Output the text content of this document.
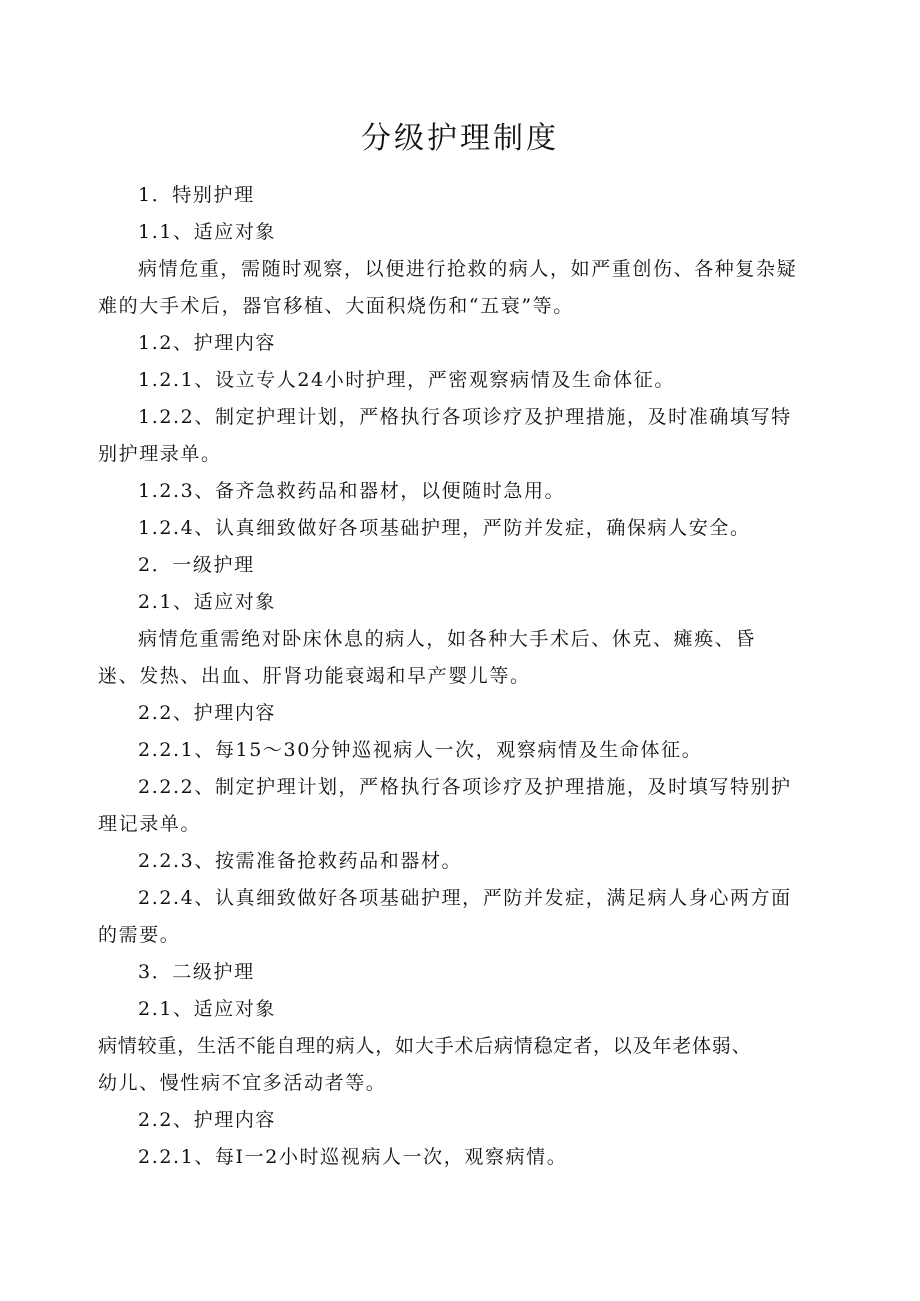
分级护理制度
1．特别护理
1.1、适应对象
病情危重，需随时观察，以便进行抢救的病人，如严重创伤、各种复杂疑
难的大手术后，器官移植、大面积烧伤和“五衰”等。
1.2、护理内容
1.2.1、设立专人24小时护理，严密观察病情及生命体征。
1.2.2、制定护理计划，严格执行各项诊疗及护理措施，及时准确填写特
别护理录单。
1.2.3、备齐急救药品和器材，以便随时急用。
1.2.4、认真细致做好各项基础护理，严防并发症，确保病人安全。
2．一级护理
2.1、适应对象
病情危重需绝对卧床休息的病人，如各种大手术后、休克、瘫痪、昏
迷、发热、出血、肝肾功能衰竭和早产婴儿等。
2.2、护理内容
2.2.1、每15～30分钟巡视病人一次，观察病情及生命体征。
2.2.2、制定护理计划，严格执行各项诊疗及护理措施，及时填写特别护
理记录单。
2.2.3、按需准备抢救药品和器材。
2.2.4、认真细致做好各项基础护理，严防并发症，满足病人身心两方面
的需要。
3．二级护理
2.1、适应对象
病情较重，生活不能自理的病人，如大手术后病情稳定者，以及年老体弱、
幼儿、慢性病不宜多活动者等。
2.2、护理内容
2.2.1、每I一2小时巡视病人一次，观察病情。
